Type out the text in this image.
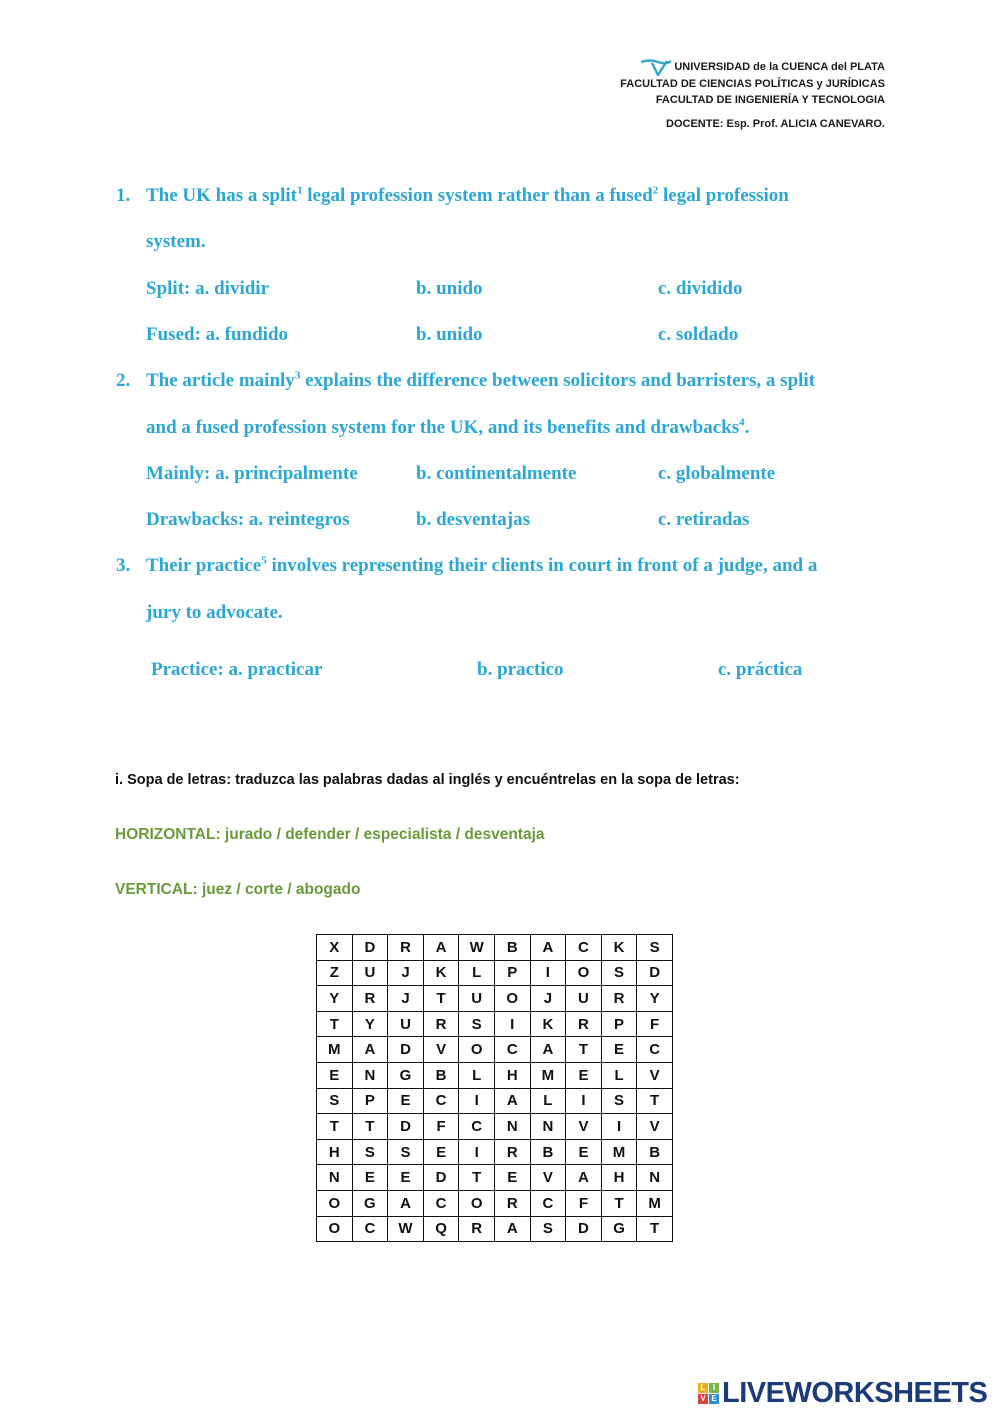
UNIVERSIDAD de la CUENCA del PLATA
FACULTAD DE CIENCIAS POLÍTICAS y JURÍDICAS
FACULTAD DE INGENIERÍA Y TECNOLOGIA
DOCENTE: Esp. Prof. ALICIA CANEVARO.
1. The UK has a split$^1$ legal profession system rather than a fused$^2$ legal profession
system.
Split: a. dividir	b. unido	c. dividido
Fused: a. fundido	b. unido	c. soldado
2. The article mainly$^3$ explains the difference between solicitors and barristers, a split
and a fused profession system for the UK, and its benefits and drawbacks$^4$.
Mainly: a. principalmente	b. continentalmente	c. globalmente
Drawbacks: a. reintegros	b. desventajas	c. retiradas
3. Their practice$^5$ involves representing their clients in court in front of a judge, and a
jury to advocate.
Practice: a. practicar	b. practico	c. práctica
i. Sopa de letras: traduzca las palabras dadas al inglés y encuéntrelas en la sopa de letras:
HORIZONTAL: jurado / defender / especialista / desventaja
VERTICAL: juez / corte / abogado
X	D	R	A	W	B	A	C	K	S
Z	U	J	K	L	P	I	O	S	D
Y	R	J	T	U	O	J	U	R	Y
T	Y	U	R	S	I	K	R	P	F
M	A	D	V	O	C	A	T	E	C
E	N	G	B	L	H	M	E	L	V
S	P	E	C	I	A	L	I	S	T
T	T	D	F	C	N	N	V	I	V
H	S	S	E	I	R	B	E	M	B
N	E	E	D	T	E	V	A	H	N
O	G	A	C	O	R	C	F	T	M
O	C	W	Q	R	A	S	D	G	T
L I
V E LIVEWORKSHEETS
